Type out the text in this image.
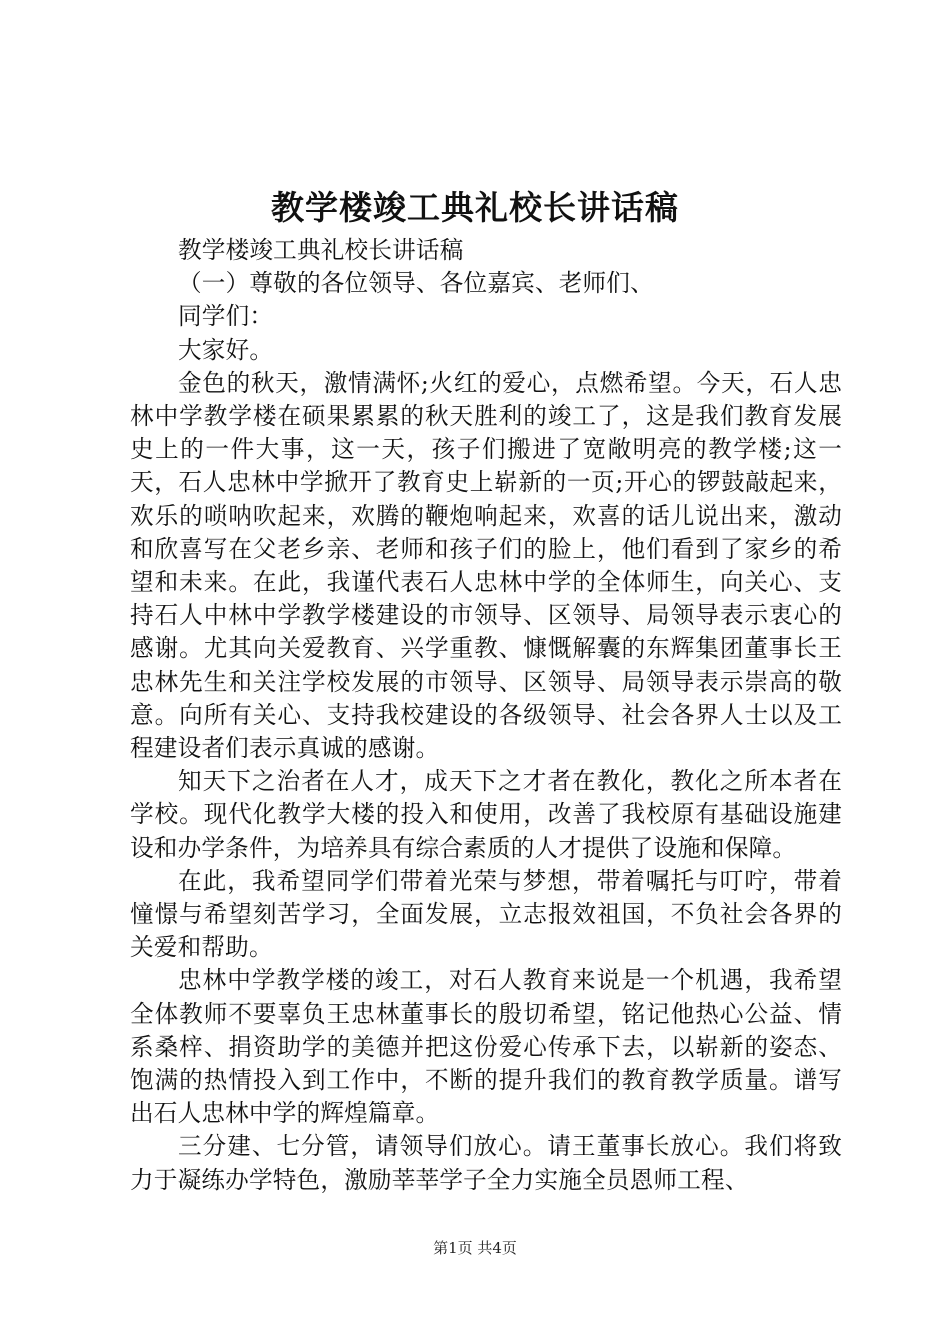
教学楼竣工典礼校长讲话稿

教学楼竣工典礼校长讲话稿

（一）尊敬的各位领导、各位嘉宾、老师们、

同学们：

大家好。

金色的秋天，激情满怀;火红的爱心，点燃希望。今天，石人忠林中学教学楼在硕果累累的秋天胜利的竣工了，这是我们教育发展史上的一件大事，这一天，孩子们搬进了宽敞明亮的教学楼;这一天，石人忠林中学掀开了教育史上崭新的一页;开心的锣鼓敲起来，欢乐的唢呐吹起来，欢腾的鞭炮响起来，欢喜的话儿说出来，激动和欣喜写在父老乡亲、老师和孩子们的脸上，他们看到了家乡的希望和未来。在此，我谨代表石人忠林中学的全体师生，向关心、支持石人中林中学教学楼建设的市领导、区领导、局领导表示衷心的感谢。尤其向关爱教育、兴学重教、慷慨解囊的东辉集团董事长王忠林先生和关注学校发展的市领导、区领导、局领导表示崇高的敬意。向所有关心、支持我校建设的各级领导、社会各界人士以及工程建设者们表示真诚的感谢。

知天下之治者在人才，成天下之才者在教化，教化之所本者在学校。现代化教学大楼的投入和使用，改善了我校原有基础设施建设和办学条件，为培养具有综合素质的人才提供了设施和保障。

在此，我希望同学们带着光荣与梦想，带着嘱托与叮咛，带着憧憬与希望刻苦学习，全面发展，立志报效祖国，不负社会各界的关爱和帮助。

忠林中学教学楼的竣工，对石人教育来说是一个机遇，我希望全体教师不要辜负王忠林董事长的殷切希望，铭记他热心公益、情系桑梓、捐资助学的美德并把这份爱心传承下去，以崭新的姿态、饱满的热情投入到工作中，不断的提升我们的教育教学质量。谱写出石人忠林中学的辉煌篇章。

三分建、七分管，请领导们放心。请王董事长放心。我们将致力于凝练办学特色，激励莘莘学子全力实施全员恩师工程、

第1页 共4页
